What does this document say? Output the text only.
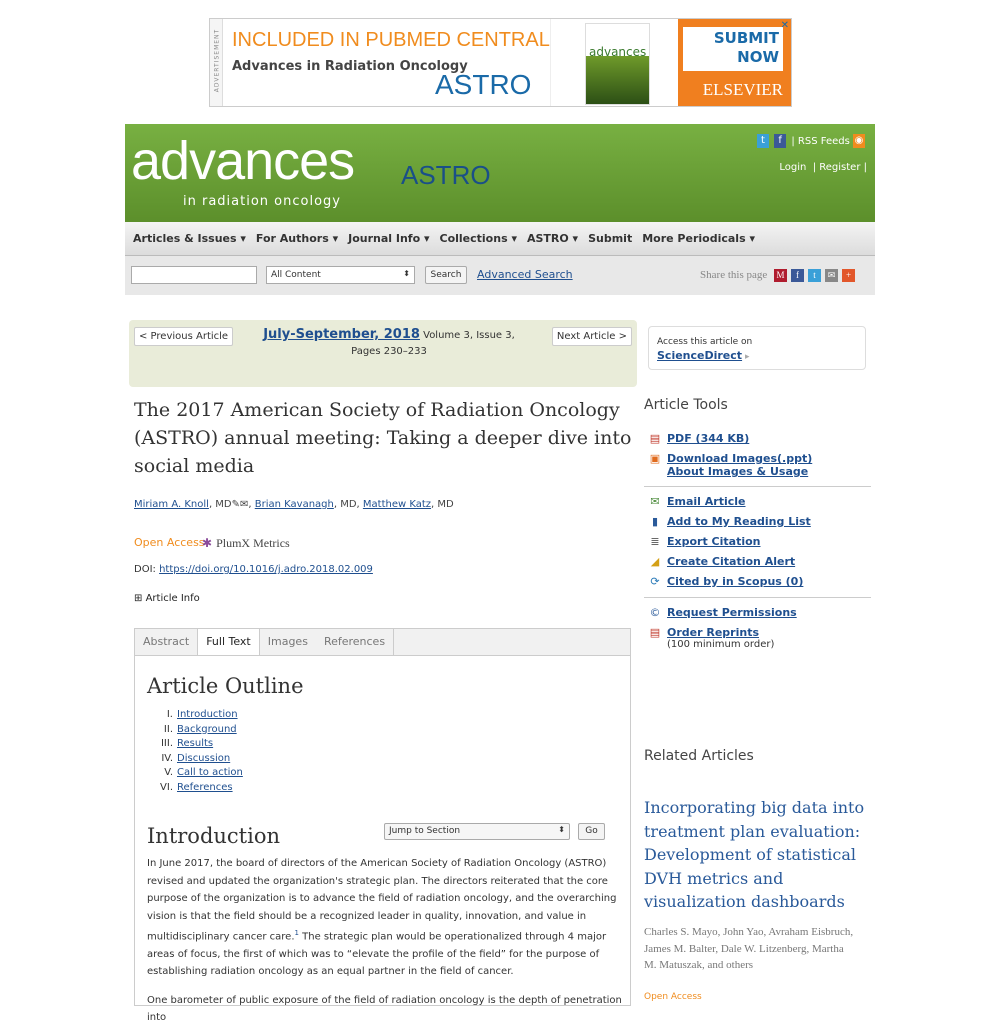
ADVERTISEMENT INCLUDED IN PUBMED CENTRAL
Advances in Radiation Oncology
ASTRO
advances
SUBMIT NOW
ELSEVIER
✕
advances
in radiation oncology
ASTRO
t f | RSS Feeds ◉
Login  | Register |
Articles & Issues ▾ For Authors ▾ Journal Info ▾ Collections ▾ ASTRO ▾ Submit More Periodicals ▾
All Content	⬍	Search	Advanced Search	Share this page M f t ✉ +
< Previous Article	July-September, 2018 Volume 3, Issue 3,
Pages 230–233
Next Article >	Access this article on
ScienceDirect ▸
The 2017 American Society of Radiation Oncology (ASTRO) annual meeting: Taking a deeper dive into social media
Miriam A. Knoll, MD✎✉, Brian Kavanagh, MD, Matthew Katz, MD
Open Access
✱ PlumX Metrics
DOI: https://doi.org/10.1016/j.adro.2018.02.009
⊞ Article Info
Abstract	Full Text	Images	References
Article Outline
I. Introduction
II. Background
III. Results
IV. Discussion
V. Call to action
VI. References
Introduction	Jump to Section	⬍	Go
In June 2017, the board of directors of the American Society of Radiation Oncology (ASTRO) revised and updated the organization's strategic plan. The directors reiterated that the core purpose of the organization is to advance the field of radiation oncology, and the overarching vision is that the field should be a recognized leader in quality, innovation, and value in multidisciplinary cancer care.$^1$ The strategic plan would be operationalized through 4 major areas of focus, the first of which was to “elevate the profile of the field” for the purpose of establishing radiation oncology as an equal partner in the field of cancer.
One barometer of public exposure of the field of radiation oncology is the depth of penetration into
Article Tools
▤ PDF (344 KB)
▣ Download Images(.ppt)
About Images & Usage
✉ Email Article
▮ Add to My Reading List
≣ Export Citation
◢ Create Citation Alert
⟳ Cited by in Scopus (0)
© Request Permissions
▤ Order Reprints
(100 minimum order)
Related Articles
Incorporating big data into treatment plan evaluation: Development of statistical DVH metrics and visualization dashboards
Charles S. Mayo, John Yao, Avraham Eisbruch, James M. Balter, Dale W. Litzenberg, Martha M. Matuszak, and others
Open Access
